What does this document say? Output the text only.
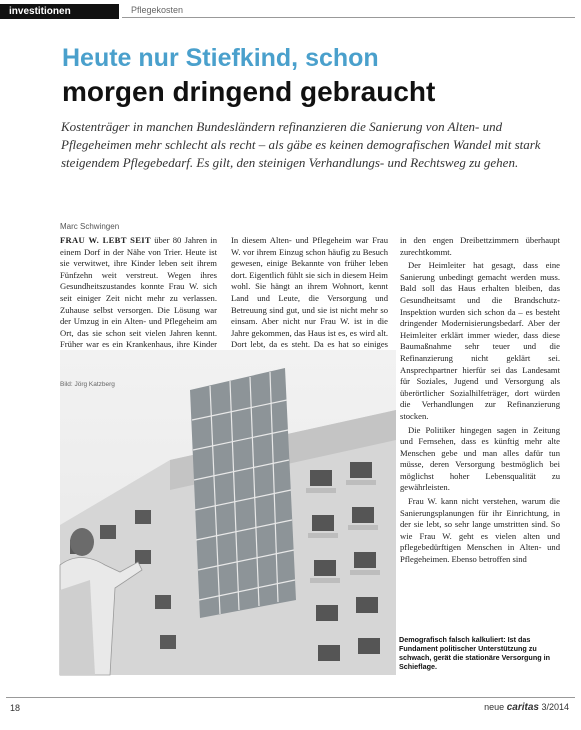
investitionen	Pflegekosten
Heute nur Stiefkind, schon
morgen dringend gebraucht
Kostenträger in manchen Bundesländern refinanzieren die Sanierung von Alten- und Pflegeheimen mehr schlecht als recht – als gäbe es keinen demografischen Wandel mit stark steigendem Pflegebedarf. Es gilt, den steinigen Verhandlungs- und Rechtsweg zu gehen.
Marc Schwingen

FRAU W. LEBT SEIT über 80 Jahren in einem Dorf in der Nähe von Trier. Heute ist sie verwitwet, ihre Kinder leben seit ihrem Fünfzehn weit verstreut. Wegen ihres Gesundheitszustandes konnte Frau W. sich seit einiger Zeit nicht mehr zu verlassen. Zuhause selbst versorgen. Die Lösung war der Umzug in ein Alten- und Pflegeheim am Ort, das sie schon seit vielen Jahren kennt. Früher war es ein Krankenhaus, ihre Kinder

In diesem Alten- und Pflegeheim war Frau W. vor ihrem Einzug schon häufig zu Besuch gewesen, einige Bekannte von früher leben dort. Eigentlich fühlt sie sich in diesem Heim wohl. Sie hängt an ihrem Wohnort, kennt Land und Leute, die Versorgung und Betreuung sind gut, und sie ist nicht mehr so einsam. Aber nicht nur Frau W. ist in die Jahre gekommen, das Haus ist es, es wird alt. Dort lebt, da es steht. Da es hat so einiges

in den engen Dreibettzimmern überhaupt zurechtkommt.

Der Heimleiter hat gesagt, dass eine Sanierung unbedingt gemacht werden muss. Bald soll das Haus erhalten bleiben, das Gesundheitsamt und die Brandschutz-Inspektion wurden sich schon da – es besteht dringender Modernisierungsbedarf. Aber der Heimleiter erklärt immer wieder, dass diese Baumaßnahme sehr teuer und die Refinanzierung nicht geklärt sei. Ansprechpartner hierfür sei das Landesamt für Soziales, Jugend und Versorgung als überörtlicher Sozialhilfeträger, dort würden die Verhandlungen zur Refinanzierung stocken.

Die Politiker hingegen sagen in Zeitung und Fernsehen, dass es künftig mehr alte Menschen gebe und man alles dafür tun müsse, deren Versorgung bestmöglich bei möglichst hoher Lebensqualität zu gewährleisten.

Frau W. kann nicht verstehen, warum die Sanierungsplanungen für ihr Einrichtung, in der sie lebt, so sehr lange umstritten sind. So wie Frau W. geht es vielen alten und pflegebedürftigen Menschen in Alten- und Pflegeheimen. Ebenso betroffen sind

Bild: Jörg Katzberg
Demografisch falsch kalkuliert: Ist das Fundament politischer Unterstützung zu schwach, gerät die stationäre Versorgung in Schieflage.
18	neue caritas 3/2014
